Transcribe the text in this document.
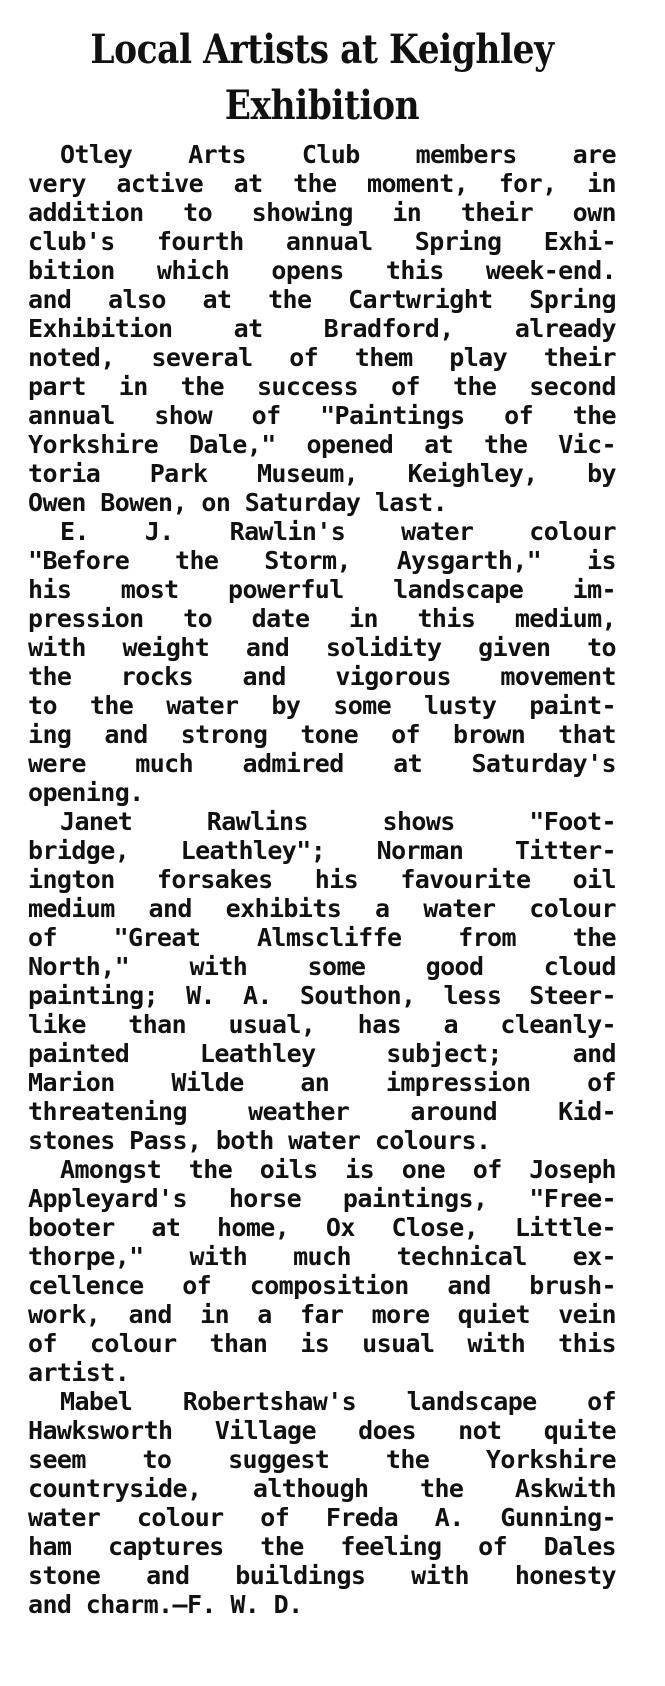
Local Artists at Keighley
Exhibition
Otley Arts Club members are
very active at the moment, for, in
addition to showing in their own
club's fourth annual Spring Exhi-
bition which opens this week-end.
and also at the Cartwright Spring
Exhibition at Bradford, already
noted, several of them play their
part in the success of the second
annual show of "Paintings of the
Yorkshire Dale," opened at the Vic-
toria Park Museum, Keighley, by
Owen Bowen, on Saturday last.
E. J. Rawlin's water colour
"Before the Storm, Aysgarth," is
his most powerful landscape im-
pression to date in this medium,
with weight and solidity given to
the rocks and vigorous movement
to the water by some lusty paint-
ing and strong tone of brown that
were much admired at Saturday's
opening.
Janet Rawlins shows "Foot-
bridge, Leathley"; Norman Titter-
ington forsakes his favourite oil
medium and exhibits a water colour
of "Great Almscliffe from the
North," with some good cloud
painting; W. A. Southon, less Steer-
like than usual, has a cleanly-
painted Leathley subject; and
Marion Wilde an impression of
threatening weather around Kid-
stones Pass, both water colours.
Amongst the oils is one of Joseph
Appleyard's horse paintings, "Free-
booter at home, Ox Close, Little-
thorpe," with much technical ex-
cellence of composition and brush-
work, and in a far more quiet vein
of colour than is usual with this
artist.
Mabel Robertshaw's landscape of
Hawksworth Village does not quite
seem to suggest the Yorkshire
countryside, although the Askwith
water colour of Freda A. Gunning-
ham captures the feeling of Dales
stone and buildings with honesty
and charm.—F. W. D.
